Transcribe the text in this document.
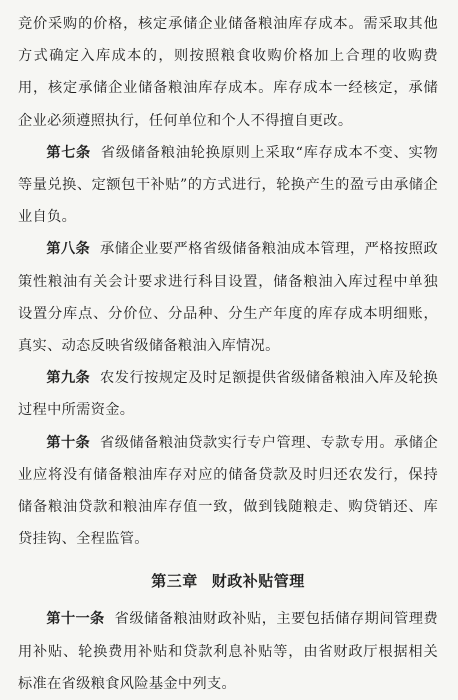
竞价采购的价格，核定承储企业储备粮油库存成本。需采取其他方式确定入库成本的，则按照粮食收购价格加上合理的收购费用，核定承储企业储备粮油库存成本。库存成本一经核定，承储企业必须遵照执行，任何单位和个人不得擅自更改。

第七条 省级储备粮油轮换原则上采取“库存成本不变、实物等量兑换、定额包干补贴”的方式进行，轮换产生的盈亏由承储企业自负。

第八条 承储企业要严格省级储备粮油成本管理，严格按照政策性粮油有关会计要求进行科目设置，储备粮油入库过程中单独设置分库点、分价位、分品种、分生产年度的库存成本明细账，真实、动态反映省级储备粮油入库情况。

第九条 农发行按规定及时足额提供省级储备粮油入库及轮换过程中所需资金。

第十条 省级储备粮油贷款实行专户管理、专款专用。承储企业应将没有储备粮油库存对应的储备贷款及时归还农发行，保持储备粮油贷款和粮油库存值一致，做到钱随粮走、购贷销还、库贷挂钩、全程监管。

第三章 财政补贴管理

第十一条 省级储备粮油财政补贴，主要包括储存期间管理费用补贴、轮换费用补贴和贷款利息补贴等，由省财政厅根据相关标准在省级粮食风险基金中列支。
